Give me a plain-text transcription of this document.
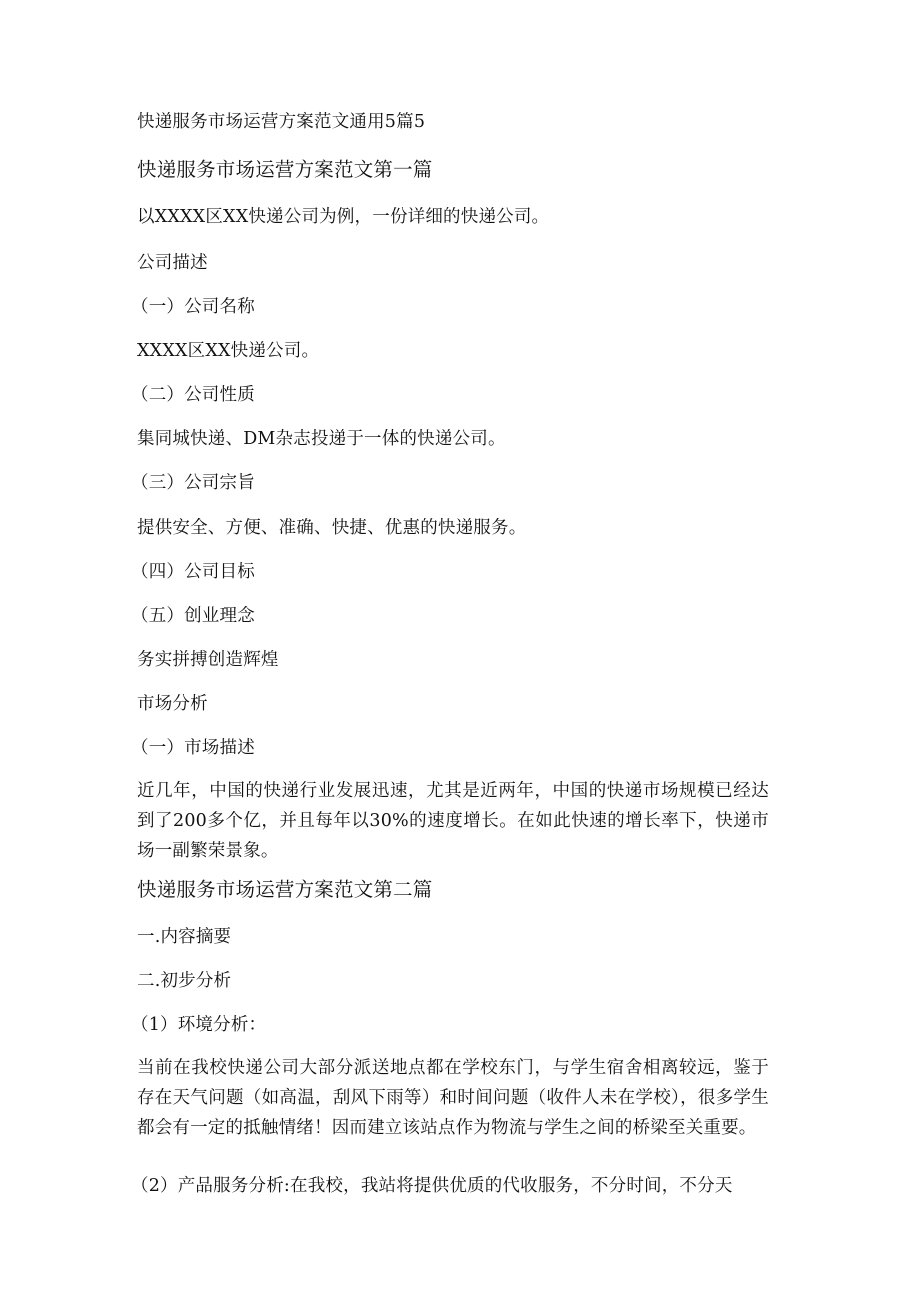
快递服务市场运营方案范文通用5篇5
快递服务市场运营方案范文第一篇
以XXXX区XX快递公司为例，一份详细的快递公司。
公司描述
（一）公司名称
XXXX区XX快递公司。
（二）公司性质
集同城快递、DM杂志投递于一体的快递公司。
（三）公司宗旨
提供安全、方便、准确、快捷、优惠的快递服务。
（四）公司目标
（五）创业理念
务实拼搏创造辉煌
市场分析
（一）市场描述
近几年，中国的快递行业发展迅速，尤其是近两年，中国的快递市场规模已经达到了200多个亿，并且每年以30%的速度增长。在如此快速的增长率下，快递市场一副繁荣景象。
快递服务市场运营方案范文第二篇
一.内容摘要
二.初步分析
（1）环境分析：
当前在我校快递公司大部分派送地点都在学校东门，与学生宿舍相离较远，鉴于存在天气问题（如高温，刮风下雨等）和时间问题（收件人未在学校），很多学生都会有一定的抵触情绪！因而建立该站点作为物流与学生之间的桥梁至关重要。
（2）产品服务分析:在我校，我站将提供优质的代收服务，不分时间，不分天
